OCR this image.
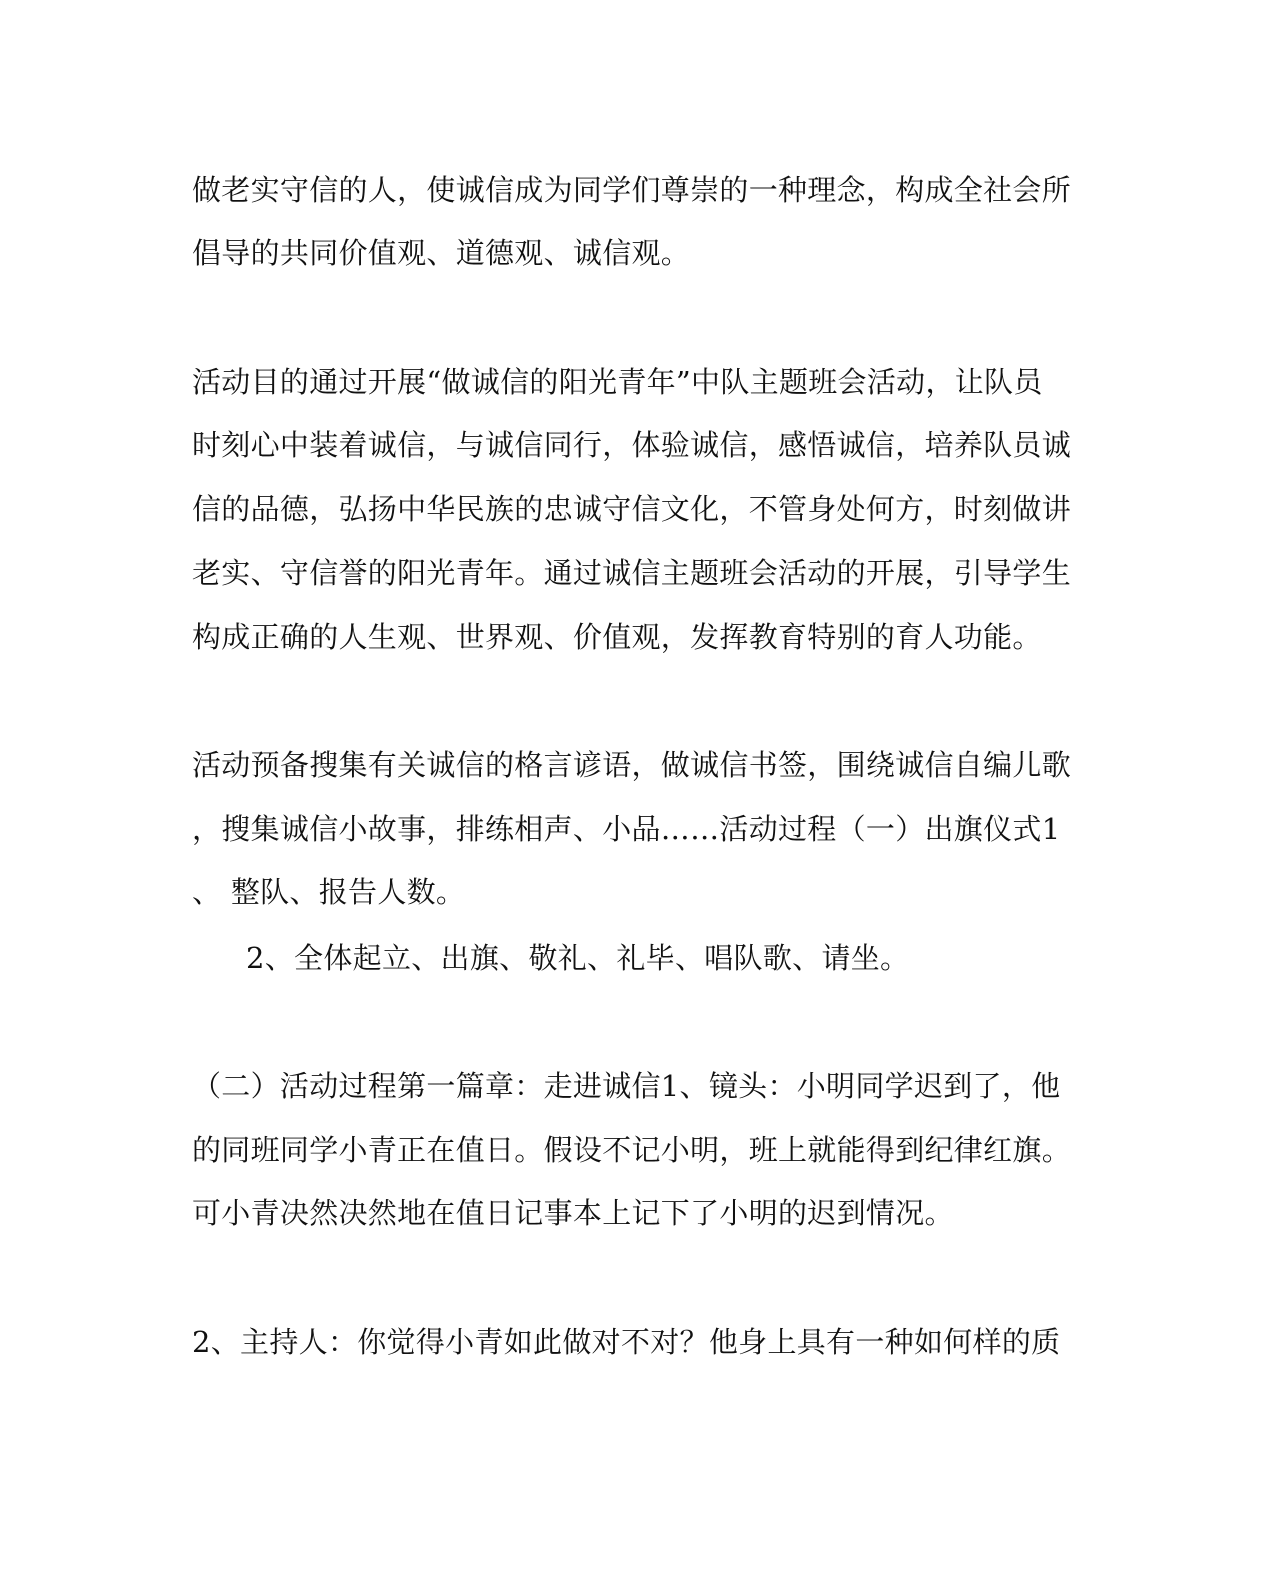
做老实守信的人，使诚信成为同学们尊崇的一种理念，构成全社会所

倡导的共同价值观、道德观、诚信观。

活动目的通过开展“做诚信的阳光青年”中队主题班会活动，让队员

时刻心中装着诚信，与诚信同行，体验诚信，感悟诚信，培养队员诚

信的品德，弘扬中华民族的忠诚守信文化，不管身处何方，时刻做讲

老实、守信誉的阳光青年。通过诚信主题班会活动的开展，引导学生

构成正确的人生观、世界观、价值观，发挥教育特别的育人功能。

活动预备搜集有关诚信的格言谚语，做诚信书签，围绕诚信自编儿歌

，搜集诚信小故事，排练相声、小品……活动过程（一）出旗仪式1

、 整队、报告人数。

2、全体起立、出旗、敬礼、礼毕、唱队歌、请坐。

（二）活动过程第一篇章：走进诚信1、镜头：小明同学迟到了，他

的同班同学小青正在值日。假设不记小明，班上就能得到纪律红旗。

可小青决然决然地在值日记事本上记下了小明的迟到情况。

2、主持人：你觉得小青如此做对不对？他身上具有一种如何样的质
